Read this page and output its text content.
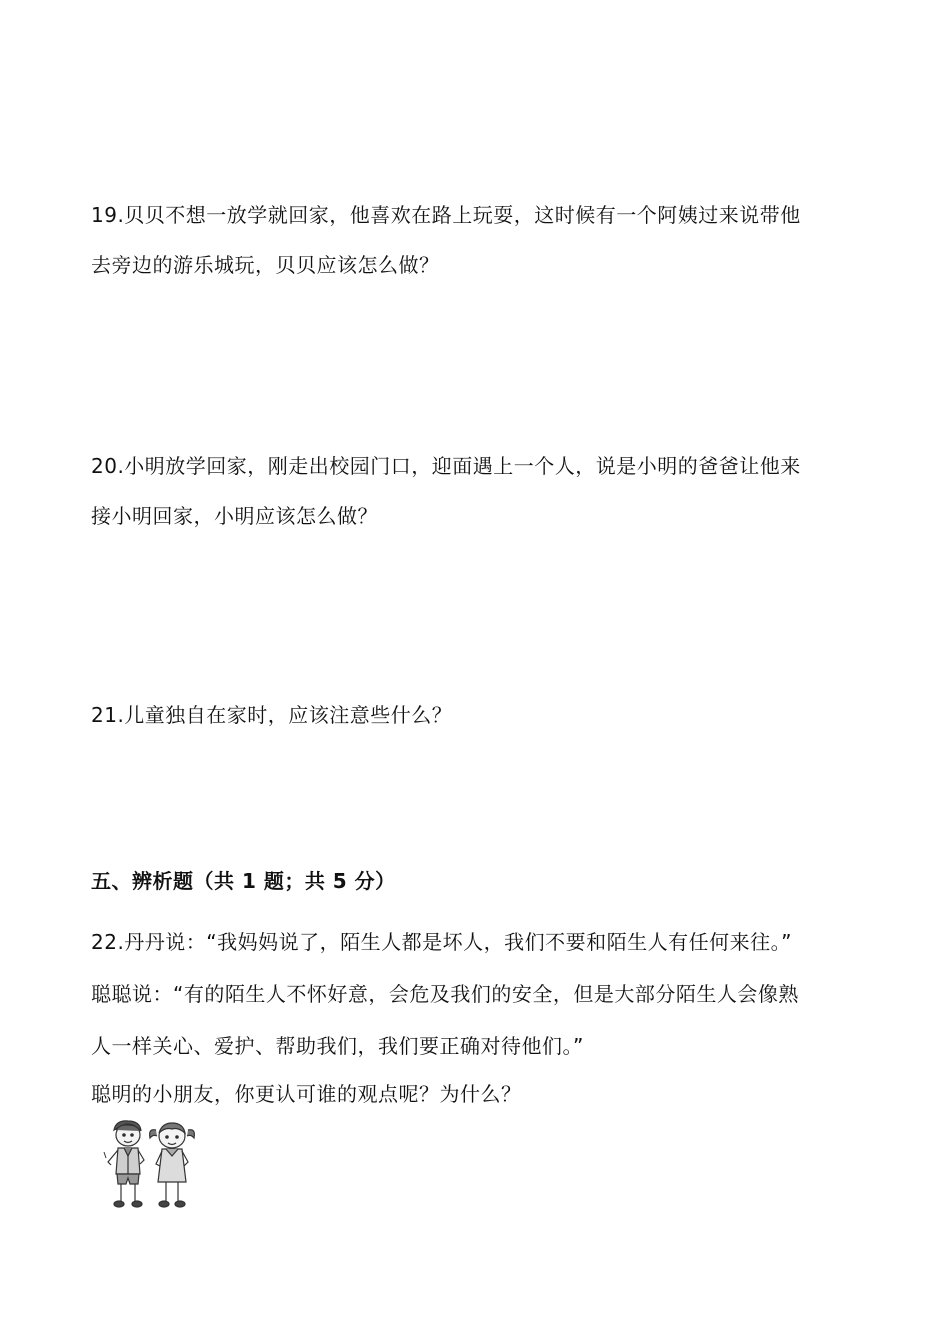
19.贝贝不想一放学就回家，他喜欢在路上玩耍，这时候有一个阿姨过来说带他
去旁边的游乐城玩，贝贝应该怎么做？
20.小明放学回家，刚走出校园门口，迎面遇上一个人，说是小明的爸爸让他来
接小明回家，小明应该怎么做？
21.儿童独自在家时，应该注意些什么？
五、辨析题（共 1 题；共 5 分）
22.丹丹说：“我妈妈说了，陌生人都是坏人，我们不要和陌生人有任何来往。”
聪聪说：“有的陌生人不怀好意，会危及我们的安全，但是大部分陌生人会像熟
人一样关心、爱护、帮助我们，我们要正确对待他们。”
聪明的小朋友，你更认可谁的观点呢？为什么？
